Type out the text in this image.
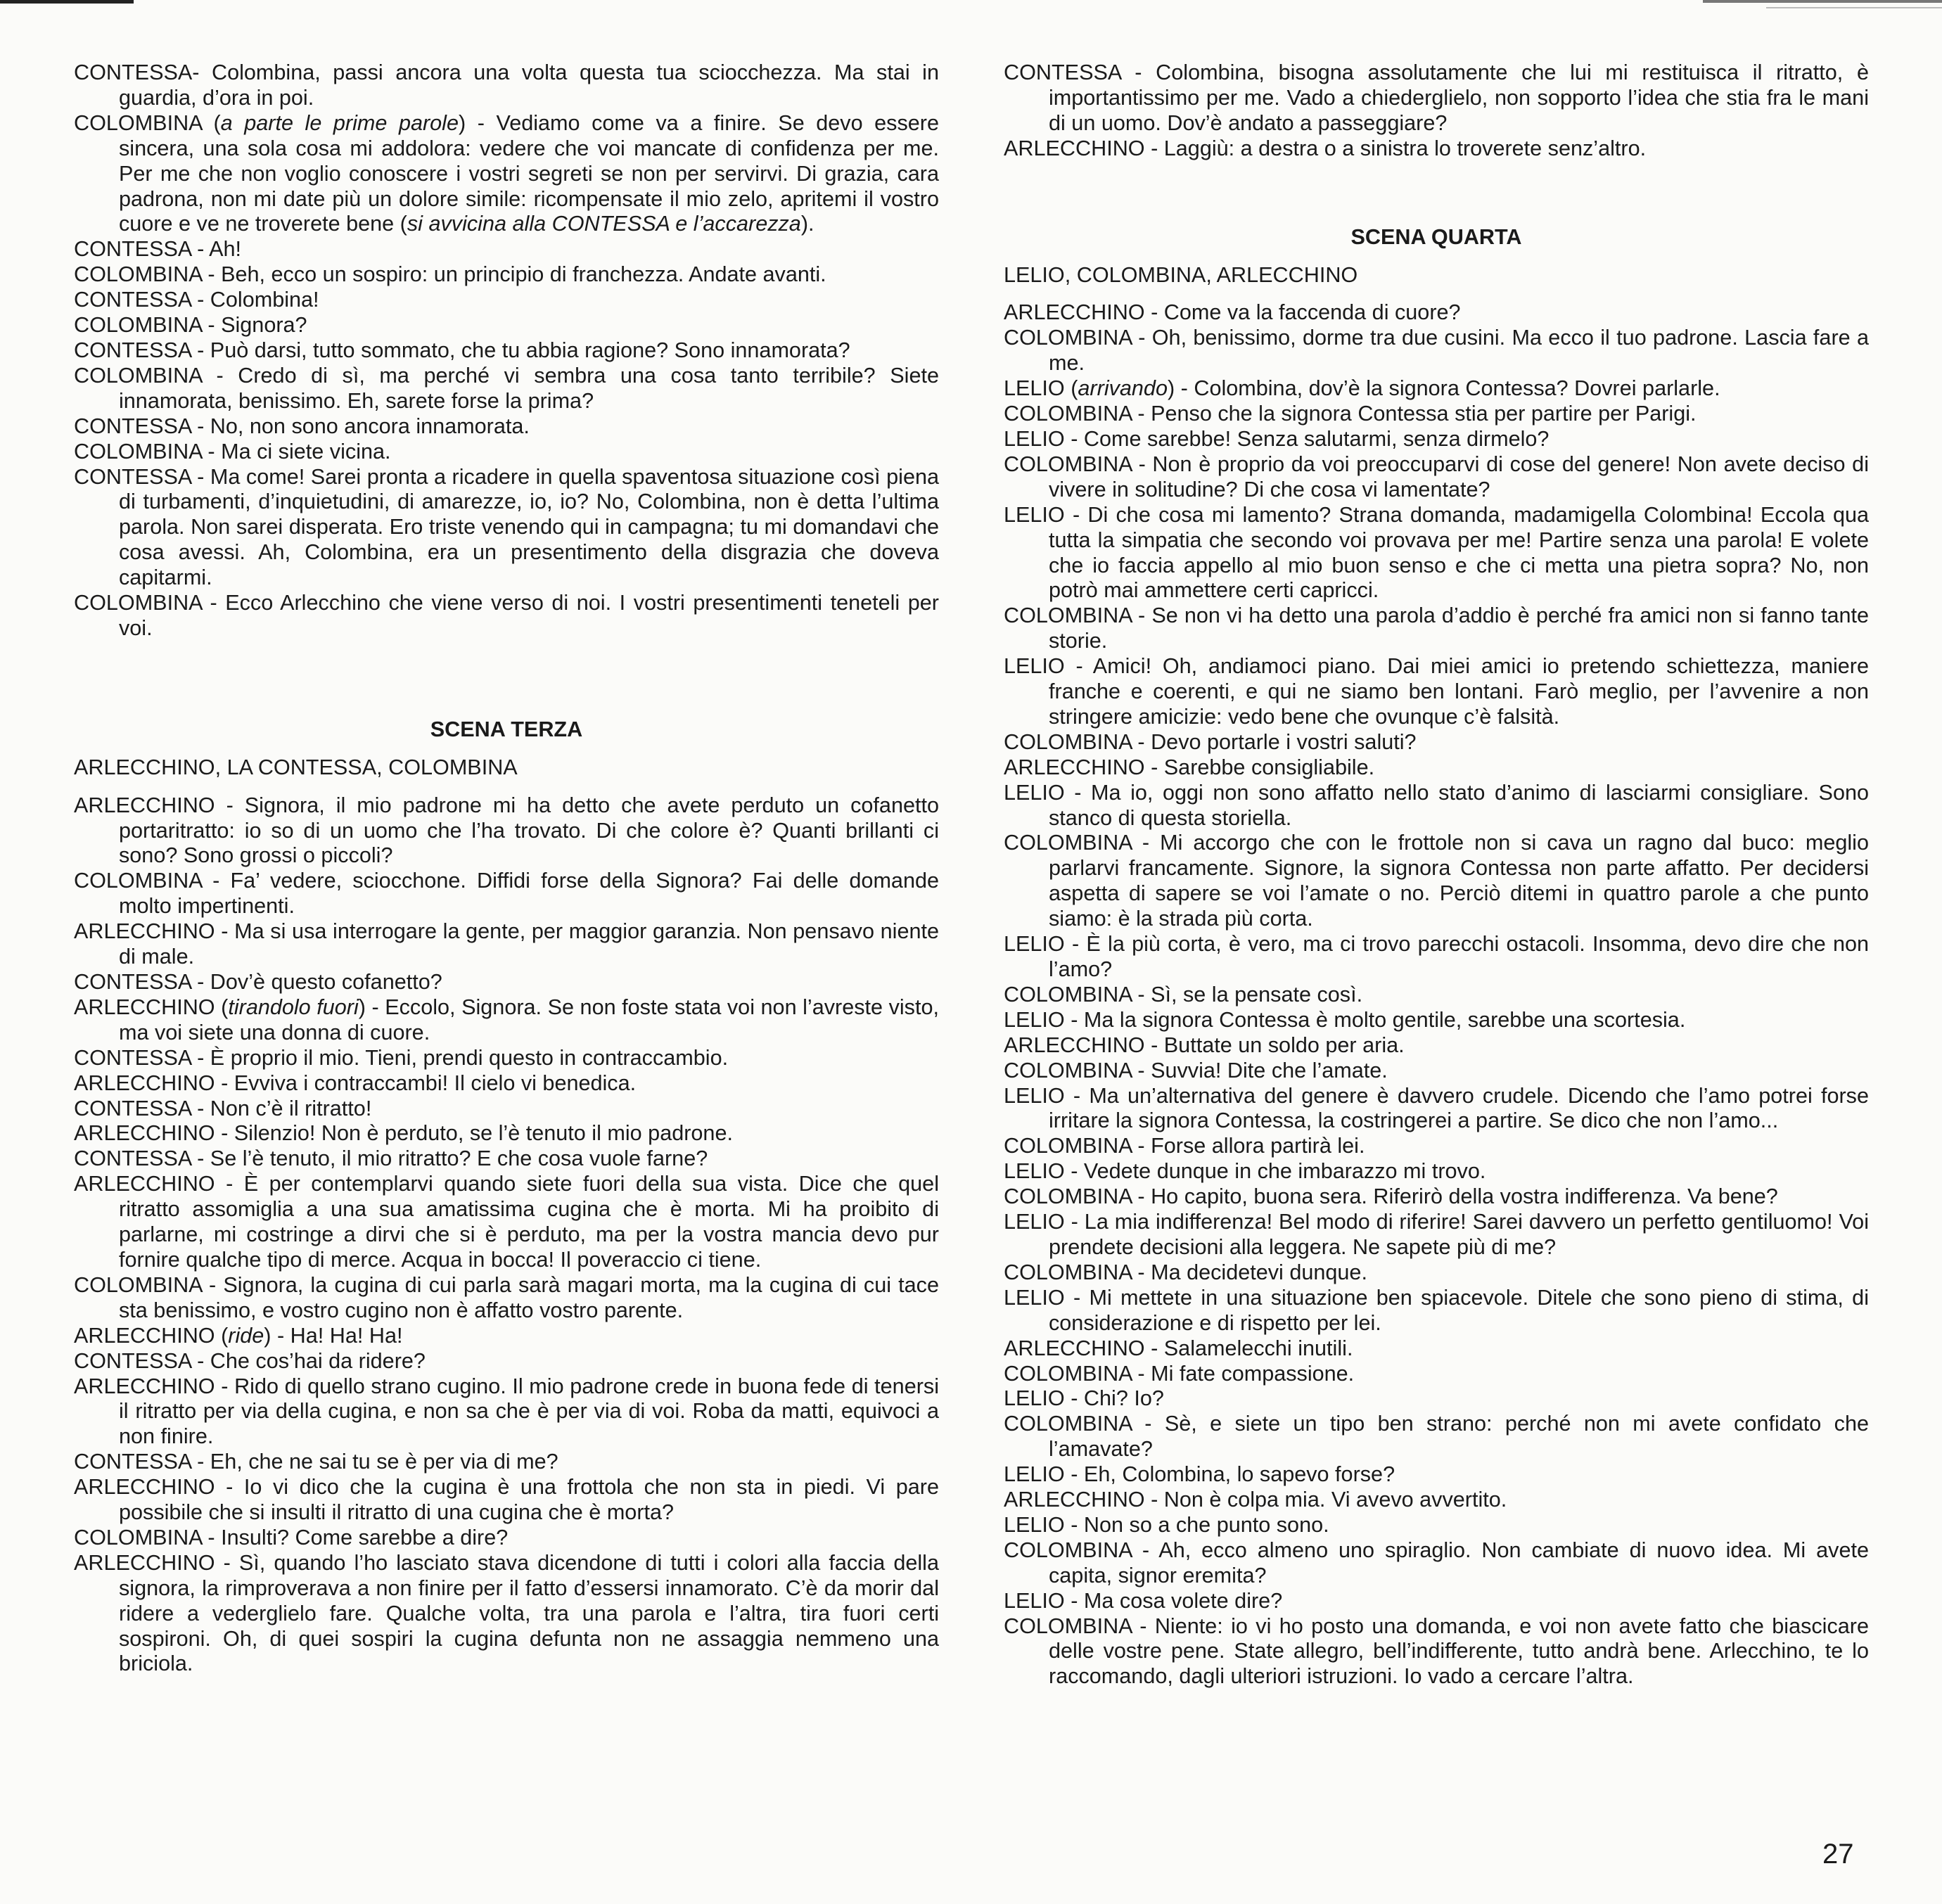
CONTESSA- Colombina, passi ancora una volta questa tua sciocchezza. Ma stai in guardia, d’ora in poi.

COLOMBINA (a parte le prime parole) - Vediamo come va a finire. Se devo essere sincera, una sola cosa mi addolora: vedere che voi mancate di confidenza per me. Per me che non voglio conoscere i vostri segreti se non per servirvi. Di grazia, cara padrona, non mi date più un dolore simile: ricompensate il mio zelo, apritemi il vostro cuore e ve ne troverete bene (si avvicina alla CONTESSA e l’accarezza).

CONTESSA - Ah!

COLOMBINA - Beh, ecco un sospiro: un principio di franchezza. Andate avanti.

CONTESSA - Colombina!

COLOMBINA - Signora?

CONTESSA - Può darsi, tutto sommato, che tu abbia ragione? Sono innamorata?

COLOMBINA - Credo di sì, ma perché vi sembra una cosa tanto terribile? Siete innamorata, benissimo. Eh, sarete forse la prima?

CONTESSA - No, non sono ancora innamorata.

COLOMBINA - Ma ci siete vicina.

CONTESSA - Ma come! Sarei pronta a ricadere in quella spaventosa situazione così piena di turbamenti, d’inquietudini, di amarezze, io, io? No, Colombina, non è detta l’ultima parola. Non sarei disperata. Ero triste venendo qui in campagna; tu mi domandavi che cosa avessi. Ah, Colombina, era un presentimento della disgrazia che doveva capitarmi.

COLOMBINA - Ecco Arlecchino che viene verso di noi. I vostri presentimenti teneteli per voi.

SCENA TERZA

ARLECCHINO, LA CONTESSA, COLOMBINA

ARLECCHINO - Signora, il mio padrone mi ha detto che avete perduto un cofanetto portaritratto: io so di un uomo che l’ha trovato. Di che colore è? Quanti brillanti ci sono? Sono grossi o piccoli?

COLOMBINA - Fa’ vedere, sciocchone. Diffidi forse della Signora? Fai delle domande molto impertinenti.

ARLECCHINO - Ma si usa interrogare la gente, per maggior garanzia. Non pensavo niente di male.

CONTESSA - Dov’è questo cofanetto?

ARLECCHINO (tirandolo fuori) - Eccolo, Signora. Se non foste stata voi non l’avreste visto, ma voi siete una donna di cuore.

CONTESSA - È proprio il mio. Tieni, prendi questo in contraccambio.

ARLECCHINO - Evviva i contraccambi! Il cielo vi benedica.

CONTESSA - Non c’è il ritratto!

ARLECCHINO - Silenzio! Non è perduto, se l’è tenuto il mio padrone.

CONTESSA - Se l’è tenuto, il mio ritratto? E che cosa vuole farne?

ARLECCHINO - È per contemplarvi quando siete fuori della sua vista. Dice che quel ritratto assomiglia a una sua amatissima cugina che è morta. Mi ha proibito di parlarne, mi costringe a dirvi che si è perduto, ma per la vostra mancia devo pur fornire qualche tipo di merce. Acqua in bocca! Il poveraccio ci tiene.

COLOMBINA - Signora, la cugina di cui parla sarà magari morta, ma la cugina di cui tace sta benissimo, e vostro cugino non è affatto vostro parente.

ARLECCHINO (ride) - Ha! Ha! Ha!

CONTESSA - Che cos’hai da ridere?

ARLECCHINO - Rido di quello strano cugino. Il mio padrone crede in buona fede di tenersi il ritratto per via della cugina, e non sa che è per via di voi. Roba da matti, equivoci a non finire.

CONTESSA - Eh, che ne sai tu se è per via di me?

ARLECCHINO - Io vi dico che la cugina è una frottola che non sta in piedi. Vi pare possibile che si insulti il ritratto di una cugina che è morta?

COLOMBINA - Insulti? Come sarebbe a dire?

ARLECCHINO - Sì, quando l’ho lasciato stava dicendone di tutti i colori alla faccia della signora, la rimproverava a non finire per il fatto d’essersi innamorato. C’è da morir dal ridere a vederglielo fare. Qualche volta, tra una parola e l’altra, tira fuori certi sospironi. Oh, di quei sospiri la cugina defunta non ne assaggia nemmeno una briciola.

CONTESSA - Colombina, bisogna assolutamente che lui mi restituisca il ritratto, è importantissimo per me. Vado a chiederglielo, non sopporto l’idea che stia fra le mani di un uomo. Dov’è andato a passeggiare?

ARLECCHINO - Laggiù: a destra o a sinistra lo troverete senz’altro.

SCENA QUARTA

LELIO, COLOMBINA, ARLECCHINO

ARLECCHINO - Come va la faccenda di cuore?

COLOMBINA - Oh, benissimo, dorme tra due cusini. Ma ecco il tuo padrone. Lascia fare a me.

LELIO (arrivando) - Colombina, dov’è la signora Contessa? Dovrei parlarle.

COLOMBINA - Penso che la signora Contessa stia per partire per Parigi.

LELIO - Come sarebbe! Senza salutarmi, senza dirmelo?

COLOMBINA - Non è proprio da voi preoccuparvi di cose del genere! Non avete deciso di vivere in solitudine? Di che cosa vi lamentate?

LELIO - Di che cosa mi lamento? Strana domanda, madamigella Colombina! Eccola qua tutta la simpatia che secondo voi provava per me! Partire senza una parola! E volete che io faccia appello al mio buon senso e che ci metta una pietra sopra? No, non potrò mai ammettere certi capricci.

COLOMBINA - Se non vi ha detto una parola d’addio è perché fra amici non si fanno tante storie.

LELIO - Amici! Oh, andiamoci piano. Dai miei amici io pretendo schiettezza, maniere franche e coerenti, e qui ne siamo ben lontani. Farò meglio, per l’avvenire a non stringere amicizie: vedo bene che ovunque c’è falsità.

COLOMBINA - Devo portarle i vostri saluti?

ARLECCHINO - Sarebbe consigliabile.

LELIO - Ma io, oggi non sono affatto nello stato d’animo di lasciarmi consigliare. Sono stanco di questa storiella.

COLOMBINA - Mi accorgo che con le frottole non si cava un ragno dal buco: meglio parlarvi francamente. Signore, la signora Contessa non parte affatto. Per decidersi aspetta di sapere se voi l’amate o no. Perciò ditemi in quattro parole a che punto siamo: è la strada più corta.

LELIO - È la più corta, è vero, ma ci trovo parecchi ostacoli. Insomma, devo dire che non l’amo?

COLOMBINA - Sì, se la pensate così.

LELIO - Ma la signora Contessa è molto gentile, sarebbe una scortesia.

ARLECCHINO - Buttate un soldo per aria.

COLOMBINA - Suvvia! Dite che l’amate.

LELIO - Ma un’alternativa del genere è davvero crudele. Dicendo che l’amo potrei forse irritare la signora Contessa, la costringerei a partire. Se dico che non l’amo...

COLOMBINA - Forse allora partirà lei.

LELIO - Vedete dunque in che imbarazzo mi trovo.

COLOMBINA - Ho capito, buona sera. Riferirò della vostra indifferenza. Va bene?

LELIO - La mia indifferenza! Bel modo di riferire! Sarei davvero un perfetto gentiluomo! Voi prendete decisioni alla leggera. Ne sapete più di me?

COLOMBINA - Ma decidetevi dunque.

LELIO - Mi mettete in una situazione ben spiacevole. Ditele che sono pieno di stima, di considerazione e di rispetto per lei.

ARLECCHINO - Salamelecchi inutili.

COLOMBINA - Mi fate compassione.

LELIO - Chi? Io?

COLOMBINA - Sè, e siete un tipo ben strano: perché non mi avete confidato che l’amavate?

LELIO - Eh, Colombina, lo sapevo forse?

ARLECCHINO - Non è colpa mia. Vi avevo avvertito.

LELIO - Non so a che punto sono.

COLOMBINA - Ah, ecco almeno uno spiraglio. Non cambiate di nuovo idea. Mi avete capita, signor eremita?

LELIO - Ma cosa volete dire?

COLOMBINA - Niente: io vi ho posto una domanda, e voi non avete fatto che biascicare delle vostre pene. State allegro, bell’indifferente, tutto andrà bene. Arlecchino, te lo raccomando, dagli ulteriori istruzioni. Io vado a cercare l’altra.

27
